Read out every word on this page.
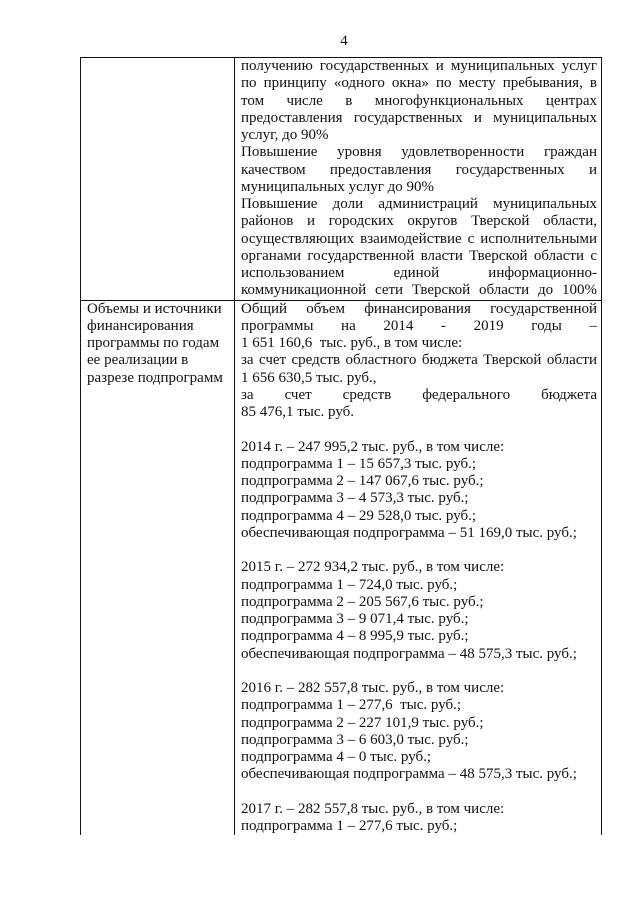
4
получению государственных и муниципальных услуг
по принципу «одного окна» по месту пребывания, в
том числе в многофункциональных центрах
предоставления государственных и муниципальных
услуг, до 90%
Повышение уровня удовлетворенности граждан
качеством предоставления государственных и
муниципальных услуг до 90%
Повышение доли администраций муниципальных
районов и городских округов Тверской области,
осуществляющих взаимодействие с исполнительными
органами государственной власти Тверской области с
использованием единой информационно-
коммуникационной сети Тверской области до 100%
Объемы и источники
финансирования
программы по годам
ее реализации в
разрезе подпрограмм
Общий объем финансирования государственной
программы на 2014 - 2019 годы –
1 651 160,6  тыс. руб., в том числе:
за счет средств областного бюджета Тверской области
1 656 630,5 тыс. руб.,
за счет средств федерального бюджета
85 476,1 тыс. руб.
2014 г. – 247 995,2 тыс. руб., в том числе:
подпрограмма 1 – 15 657,3 тыс. руб.;
подпрограмма 2 – 147 067,6 тыс. руб.;
подпрограмма 3 – 4 573,3 тыс. руб.;
подпрограмма 4 – 29 528,0 тыс. руб.;
обеспечивающая подпрограмма – 51 169,0 тыс. руб.;
2015 г. – 272 934,2 тыс. руб., в том числе:
подпрограмма 1 – 724,0 тыс. руб.;
подпрограмма 2 – 205 567,6 тыс. руб.;
подпрограмма 3 – 9 071,4 тыс. руб.;
подпрограмма 4 – 8 995,9 тыс. руб.;
обеспечивающая подпрограмма – 48 575,3 тыс. руб.;
2016 г. – 282 557,8 тыс. руб., в том числе:
подпрограмма 1 – 277,6  тыс. руб.;
подпрограмма 2 – 227 101,9 тыс. руб.;
подпрограмма 3 – 6 603,0 тыс. руб.;
подпрограмма 4 – 0 тыс. руб.;
обеспечивающая подпрограмма – 48 575,3 тыс. руб.;
2017 г. – 282 557,8 тыс. руб., в том числе:
подпрограмма 1 – 277,6 тыс. руб.;
